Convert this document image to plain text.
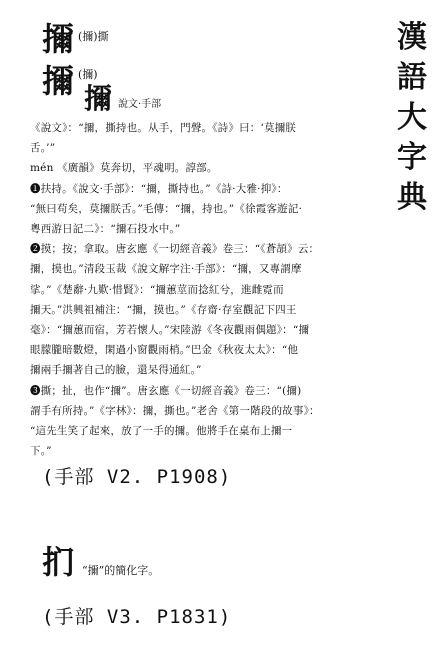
漢
語
大
字
典
擟 (擟)撕
擟 (擟)
擟 說文·手部

《說文》：“擟，撕持也。从手，門聲。《詩》曰：‘莫擟朕

舌。’”

mén 《廣韻》莫奔切，平魂明。諄部。

❶扶持。《說文·手部》：“擟，撕持也。”《詩·大雅·抑》：

“無曰苟矣，莫擟朕舌。”毛傳：“擟，持也。”《徐霞客遊記·

粵西游日記二》：“擟石投水中。”

❷摸；按；拿取。唐玄應《一切經音義》卷三：“《蒼頡》云：

擟，摸也。”清段玉裁《說文解字注·手部》：“擟，又專謂摩

挲。”《楚辭·九歎·惜賢》：“擟蕙莖而捻紅兮，進雌霓而

擟天。”洪興祖補注：“擟，摸也。”《存齋·存室觀記下四王

毫》：“擟蕙而宿，芳若懷人。”宋陸游《冬夜觀雨偶題》：“擟

眼朦朧暗數燈，閑過小窗觀雨梢。”巴金《秋夜太太》：“他

擟兩手擟著自己的臉，還呆得通紅。”

❸撕；扯，也作“擟”。唐玄應《一切經音義》卷三：“(擟)

謂手有所持。”《字林》：擟，撕也。”老舍《第一階段的故事》：

“這先生笑了起來，放了一手的擟。他將手在桌布上擟一

下。”

(手部 V2. P1908)
扪 “擟”的簡化字。
(手部 V3. P1831)
